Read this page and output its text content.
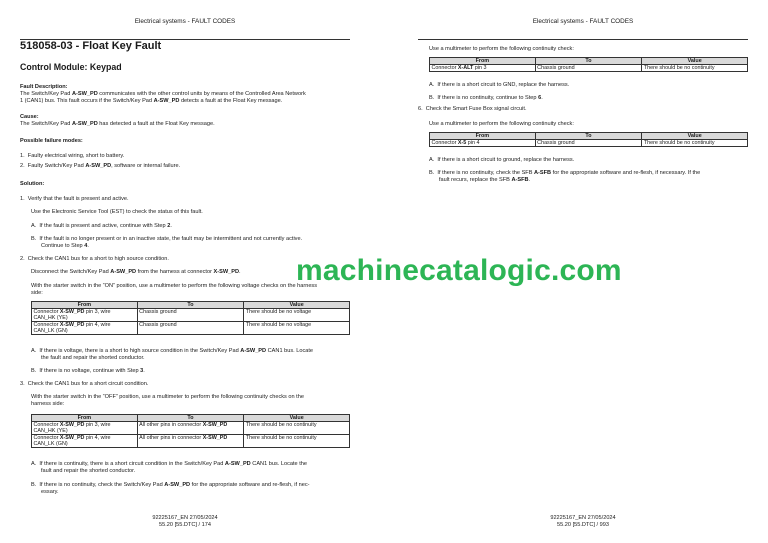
Electrical systems - FAULT CODES
518058-03 - Float Key Fault
Control Module: Keypad
Fault Description:
The Switch/Key Pad A-SW_PD communicates with the other control units by means of the Controlled Area Network
1 (CAN1) bus. This fault occurs if the Switch/Key Pad A-SW_PD detects a fault at the Float Key message.
Cause:
The Switch/Key Pad A-SW_PD has detected a fault at the Float Key message.
Possible failure modes:
1. Faulty electrical wiring, short to battery.
2. Faulty Switch/Key Pad A-SW_PD, software or internal failure.
Solution:
1. Verify that the fault is present and active.
Use the Electronic Service Tool (EST) to check the status of this fault.
A. If the fault is present and active, continue with Step 2.
B. If the fault is no longer present or in an inactive state, the fault may be intermittent and not currently active.
Continue to Step 4.
2. Check the CAN1 bus for a short to high source condition.
Disconnect the Switch/Key Pad A-SW_PD from the harness at connector X-SW_PD.
With the starter switch in the “ON” position, use a multimeter to perform the following voltage checks on the harness
side:
From	To	Value
Connector X-SW_PD pin 3, wire
CAN_HK (YE)	Chassis ground	There should be no voltage
Connector X-SW_PD pin 4, wire
CAN_LK (GN)	Chassis ground	There should be no voltage
A. If there is voltage, there is a short to high source condition in the Switch/Key Pad A-SW_PD CAN1 bus. Locate
the fault and repair the shorted conductor.
B. If there is no voltage, continue with Step 3.
3. Check the CAN1 bus for a short circuit condition.
With the starter switch in the “OFF” position, use a multimeter to perform the following continuity checks on the
harness side:
From	To	Value
Connector X-SW_PD pin 3, wire
CAN_HK (YE)	All other pins in connector X-SW_PD	There should be no continuity
Connector X-SW_PD pin 4, wire
CAN_LK (GN)	All other pins in connector X-SW_PD	There should be no continuity
A. If there is continuity, there is a short circuit condition in the Switch/Key Pad A-SW_PD CAN1 bus. Locate the
fault and repair the shorted conductor.
B. If there is no continuity, check the Switch/Key Pad A-SW_PD for the appropriate software and re-flesh, if nec-
essary.
92225167_EN 27/05/2024
55.20 [55.DTC] / 174
Electrical systems - FAULT CODES
Use a multimeter to perform the following continuity check:
From	To	Value
Connector X-ALT pin 3	Chassis ground	There should be no continuity
A. If there is a short circuit to GND, replace the harness.
B. If there is no continuity, continue to Step 6.
6. Check the Smart Fuse Box signal circuit.
Use a multimeter to perform the following continuity check:
From	To	Value
Connector X-5 pin 4	Chassis ground	There should be no continuity
A. If there is a short circuit to ground, replace the harness.
B. If there is no continuity, check the SFB A-SFB for the appropriate software and re-flesh, if necessary. If the
fault recurs, replace the SFB A-SFB.
92225167_EN 27/05/2024
55.20 [55.DTC] / 993
machinecatalogic.com
